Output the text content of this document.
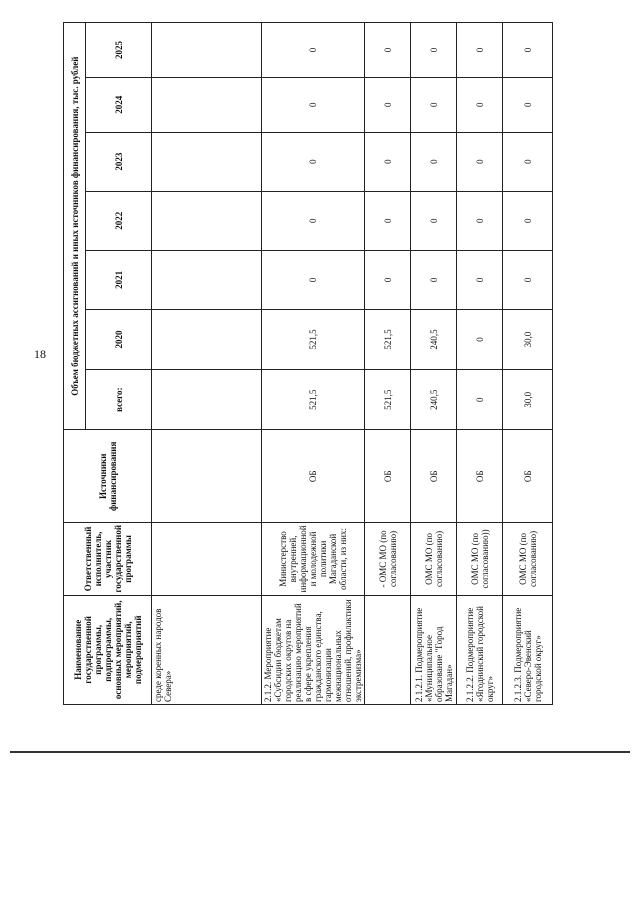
18
Наименование государственной программы, подпрограммы, основных мероприятий, мероприятий, подмероприятий	Ответственный исполнитель, участник государственной программы	Источники финансирования	Объем бюджетных ассигнований и иных источников финансирования, тыс. рублей						
			всего:	2020	2021	2022	2023	2024	2025
среде коренных народов Севера»									
2.1.2. Мероприятие «Субсидии бюджетам городских округов на реализацию мероприятий в сфере укрепления гражданского единства, гармонизации межнациональных отношений, профилактики экстремизма»	Министерство внутренней, информационной и молодежной политики Магаданской области, из них:	ОБ	521,5	521,5	0	0	0	0	0
	- ОМС МО (по согласованию)	ОБ	521,5	521,5	0	0	0	0	0
2.1.2.1. Подмероприятие «Муниципальное образование "Город Магадан»	ОМС МО (по согласованию)	ОБ	240,5	240,5	0	0	0	0	0
2.1.2.2. Подмероприятие «Ягоднинский городской округ»	ОМС МО (по согласованию))	ОБ	0	0	0	0	0	0	0
2.1.2.3. Подмероприятие «Северо-Эвенский городской округ»	ОМС МО (по согласованию)	ОБ	30,0	30,0	0	0	0	0	0
